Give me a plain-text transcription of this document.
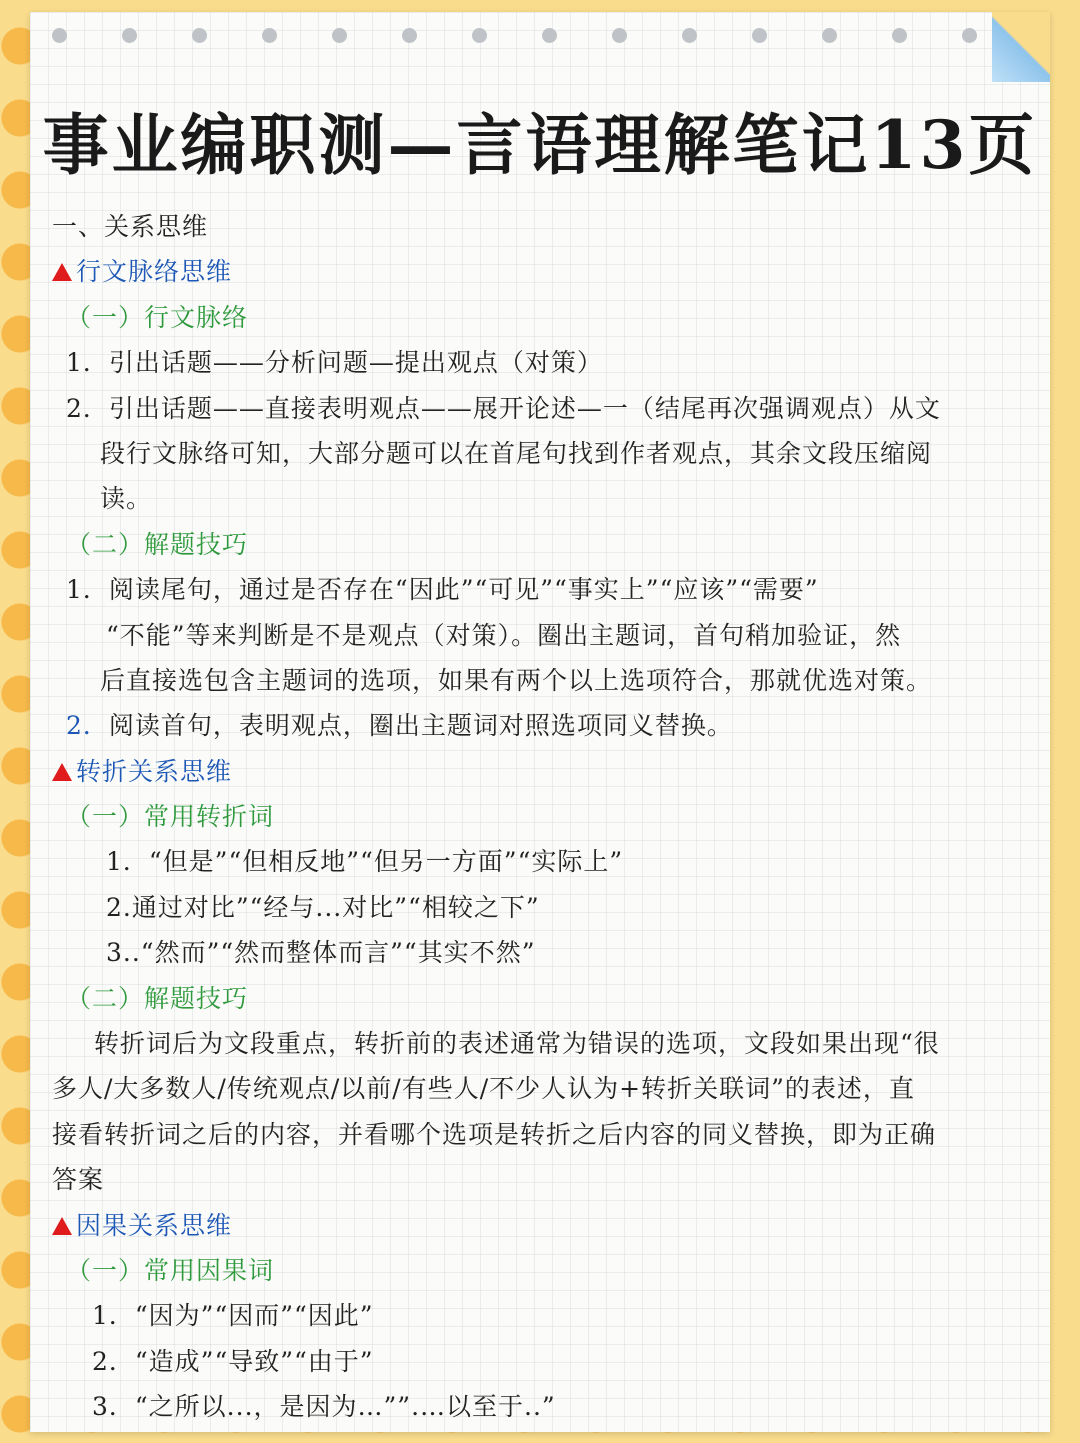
事业编职测—言语理解笔记13页
一、关系思维
行文脉络思维
（一）行文脉络
1．引出话题——分析问题—提出观点（对策）
2．引出话题——直接表明观点——展开论述—一（结尾再次强调观点）从文
段行文脉络可知，大部分题可以在首尾句找到作者观点，其余文段压缩阅
读。
（二）解题技巧
1．阅读尾句，通过是否存在“因此”“可见”“事实上”“应该”“需要”
“不能”等来判断是不是观点（对策）。圈出主题词，首句稍加验证，然
后直接选包含主题词的选项，如果有两个以上选项符合，那就优选对策。
2．阅读首句，表明观点，圈出主题词对照选项同义替换。
转折关系思维
（一）常用转折词
1．“但是”“但相反地”“但另一方面”“实际上”
2.通过对比”“经与...对比”“相较之下”
3..“然而”“然而整体而言”“其实不然”
（二）解题技巧
转折词后为文段重点，转折前的表述通常为错误的选项，文段如果出现“很
多人/大多数人/传统观点/以前/有些人/不少人认为+转折关联词”的表述，直
接看转折词之后的内容，并看哪个选项是转折之后内容的同义替换，即为正确
答案
因果关系思维
（一）常用因果词
1．“因为”“因而”“因此”
2．“造成”“导致”“由于”
3．“之所以...，是因为…””.…以至于..”
